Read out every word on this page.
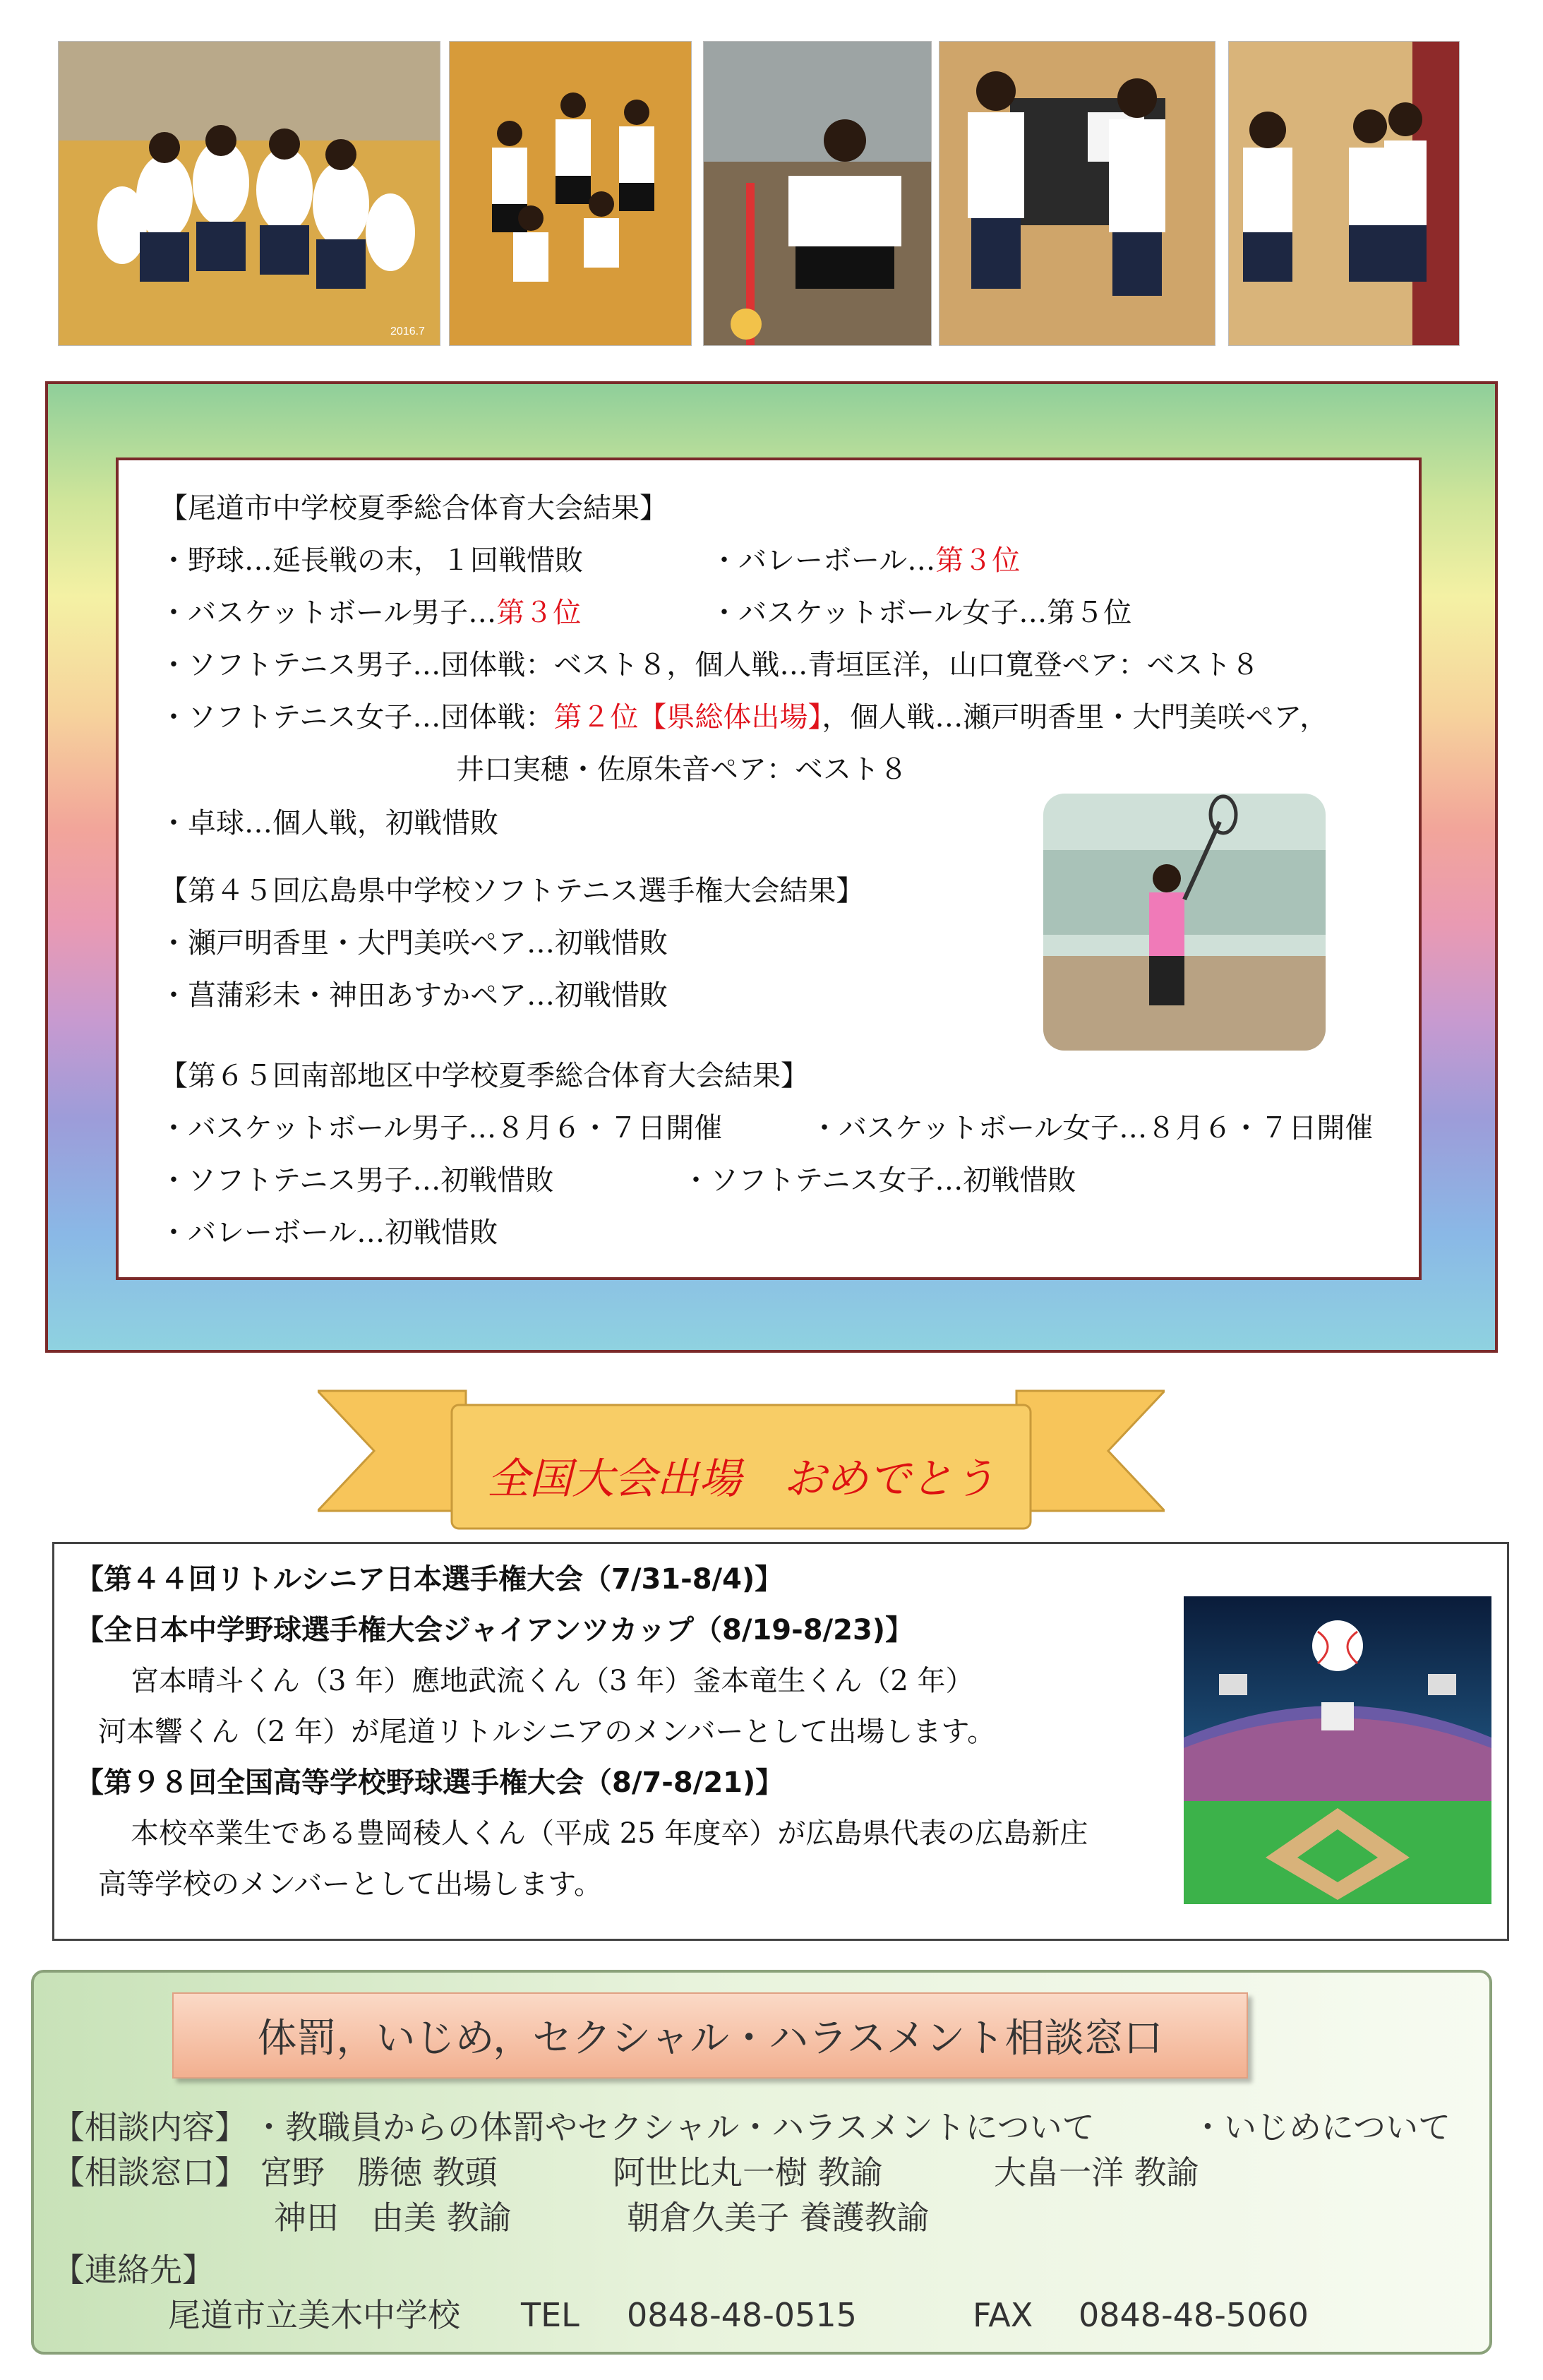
2016.7
【尾道市中学校夏季総合体育大会結果】
・野球…延長戦の末，１回戦惜敗	・バレーボール…第３位
・バスケットボール男子…第３位	・バスケットボール女子…第５位
・ソフトテニス男子…団体戦：ベスト８，個人戦…青垣匡洋，山口寛登ペア：ベスト８
・ソフトテニス女子…団体戦：第２位【県総体出場】，個人戦…瀬戸明香里・大門美咲ペア，
井口実穂・佐原朱音ペア：ベスト８
・卓球…個人戦，初戦惜敗
【第４５回広島県中学校ソフトテニス選手権大会結果】
・瀬戸明香里・大門美咲ペア…初戦惜敗
・菖蒲彩未・神田あすかペア…初戦惜敗
【第６５回南部地区中学校夏季総合体育大会結果】
・バスケットボール男子…８月６・７日開催	・バスケットボール女子…８月６・７日開催
・ソフトテニス男子…初戦惜敗	・ソフトテニス女子…初戦惜敗
・バレーボール…初戦惜敗
全国大会出場　おめでとう
【第４４回リトルシニア日本選手権大会（7/31-8/4)】
【全日本中学野球選手権大会ジャイアンツカップ（8/19-8/23)】
宮本晴斗くん（3 年）應地武流くん（3 年）釜本竜生くん（2 年）
河本響くん（2 年）が尾道リトルシニアのメンバーとして出場します。
【第９８回全国高等学校野球選手権大会（8/7-8/21)】
本校卒業生である豊岡稜人くん（平成 25 年度卒）が広島県代表の広島新庄
高等学校のメンバーとして出場します。
体罰，いじめ，セクシャル・ハラスメント相談窓口
【相談内容】 ・教職員からの体罰やセクシャル・ハラスメントについて	・いじめについて
【相談窓口】 宮野　勝徳 教頭	阿世比丸一樹 教諭	大畠一洋 教諭
神田　由美 教諭	朝倉久美子 養護教諭
【連絡先】
尾道市立美木中学校 TEL 0848-48-0515	FAX 0848-48-5060
